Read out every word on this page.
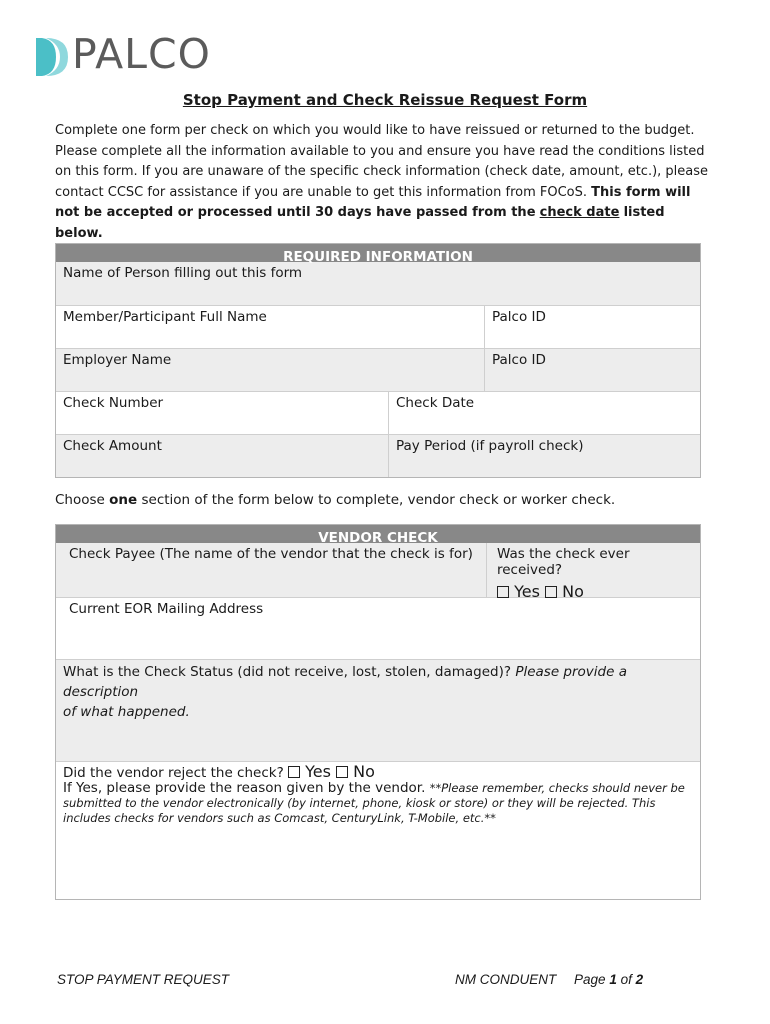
PALCO
Stop Payment and Check Reissue Request Form
Complete one form per check on which you would like to have reissued or returned to the budget.
Please complete all the information available to you and ensure you have read the conditions listed
on this form. If you are unaware of the specific check information (check date, amount, etc.), please
contact CCSC for assistance if you are unable to get this information from FOCoS. This form will
not be accepted or processed until 30 days have passed from the check date listed below.
REQUIRED INFORMATION
Name of Person filling out this form
Member/Participant Full Name	Palco ID
Employer Name	Palco ID
Check Number	Check Date
Check Amount	Pay Period (if payroll check)
Choose one section of the form below to complete, vendor check or worker check.
VENDOR CHECK
Check Payee (The name of the vendor that the check is for)	Was the check ever received?
Yes No
Current EOR Mailing Address
What is the Check Status (did not receive, lost, stolen, damaged)? Please provide a description
of what happened.
Did the vendor reject the check? Yes No
If Yes, please provide the reason given by the vendor. **Please remember, checks should never be
submitted to the vendor electronically (by internet, phone, kiosk or store) or they will be rejected. This
includes checks for vendors such as Comcast, CenturyLink, T-Mobile, etc.**
STOP PAYMENT REQUEST	NM CONDUENT Page 1 of 2
